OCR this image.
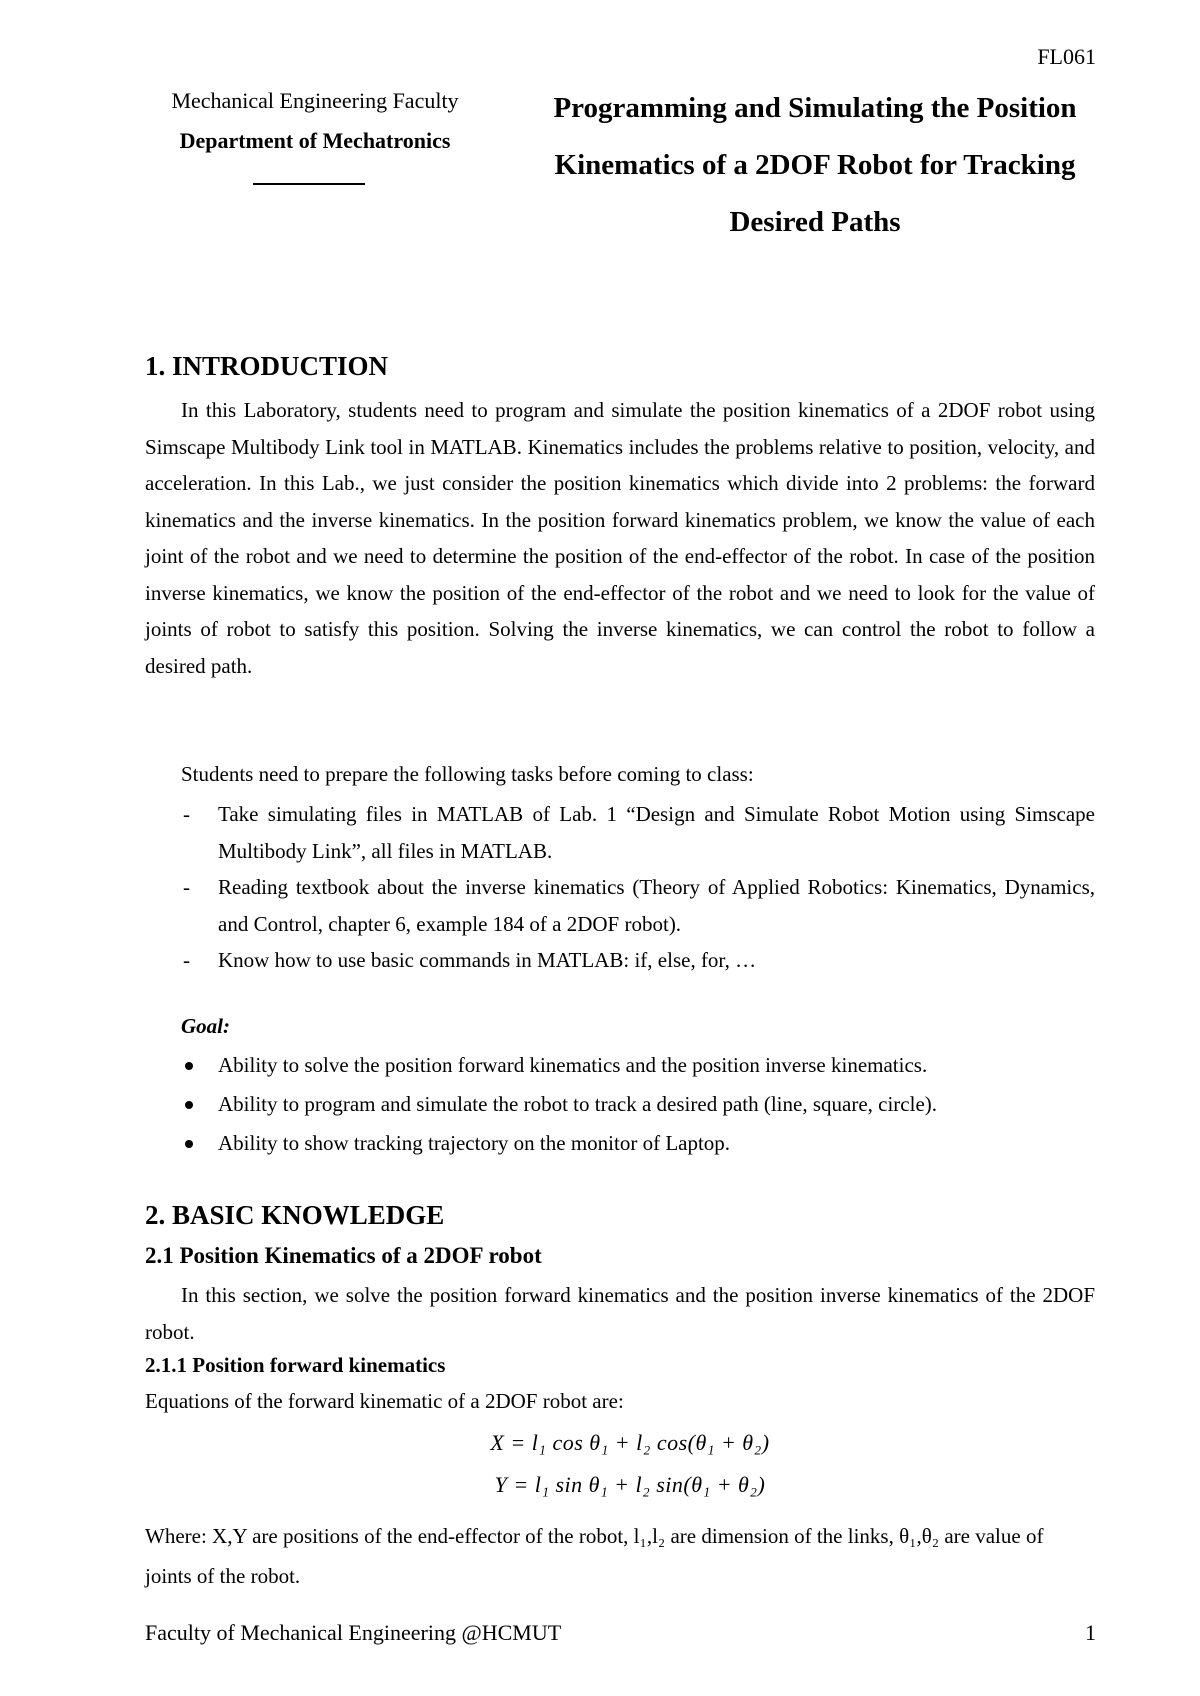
FL061
Mechanical Engineering Faculty
Department of Mechatronics
Programming and Simulating the Position
Kinematics of a 2DOF Robot for Tracking
Desired Paths
1. INTRODUCTION
In this Laboratory, students need to program and simulate the position kinematics of a 2DOF robot using Simscape Multibody Link tool in MATLAB. Kinematics includes the problems relative to position, velocity, and acceleration. In this Lab., we just consider the position kinematics which divide into 2 problems: the forward kinematics and the inverse kinematics. In the position forward kinematics problem, we know the value of each joint of the robot and we need to determine the position of the end-effector of the robot. In case of the position inverse kinematics, we know the position of the end-effector of the robot and we need to look for the value of joints of robot to satisfy this position. Solving the inverse kinematics, we can control the robot to follow a desired path.
Students need to prepare the following tasks before coming to class:
- Take simulating files in MATLAB of Lab. 1 “Design and Simulate Robot Motion using Simscape Multibody Link”, all files in MATLAB.
- Reading textbook about the inverse kinematics (Theory of Applied Robotics: Kinematics, Dynamics, and Control, chapter 6, example 184 of a 2DOF robot).
- Know how to use basic commands in MATLAB: if, else, for, …
Goal:
Ability to solve the position forward kinematics and the position inverse kinematics.
Ability to program and simulate the robot to track a desired path (line, square, circle).
Ability to show tracking trajectory on the monitor of Laptop.
2. BASIC KNOWLEDGE
2.1 Position Kinematics of a 2DOF robot
In this section, we solve the position forward kinematics and the position inverse kinematics of the 2DOF robot.
2.1.1 Position forward kinematics
Equations of the forward kinematic of a 2DOF robot are:
X = l₁ cos θ₁ + l₂ cos(θ₁ + θ₂)
Y = l₁ sin θ₁ + l₂ sin(θ₁ + θ₂)
Where: X,Y are positions of the end-effector of the robot, l₁,l₂ are dimension of the links, θ₁,θ₂ are value of joints of the robot.
Faculty of Mechanical Engineering @HCMUT	1
